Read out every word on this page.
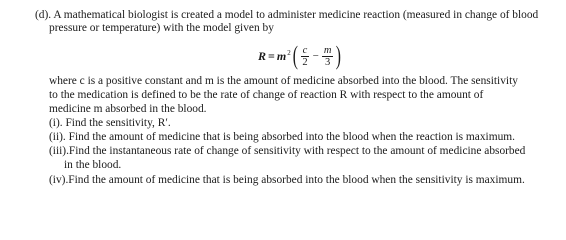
(d). A mathematical biologist is created a model to administer medicine reaction (measured in change of blood
pressure or temperature) with the model given by
R = m 2 ( $\frac{c}{2} - \frac{m}{3}$ )
where c is a positive constant and m is the amount of medicine absorbed into the blood. The sensitivity
to the medication is defined to be the rate of change of reaction R with respect to the amount of
medicine m absorbed in the blood.
(i). Find the sensitivity, R′.
(ii). Find the amount of medicine that is being absorbed into the blood when the reaction is maximum.
(iii).Find the instantaneous rate of change of sensitivity with respect to the amount of medicine absorbed
in the blood.
(iv).Find the amount of medicine that is being absorbed into the blood when the sensitivity is maximum.
